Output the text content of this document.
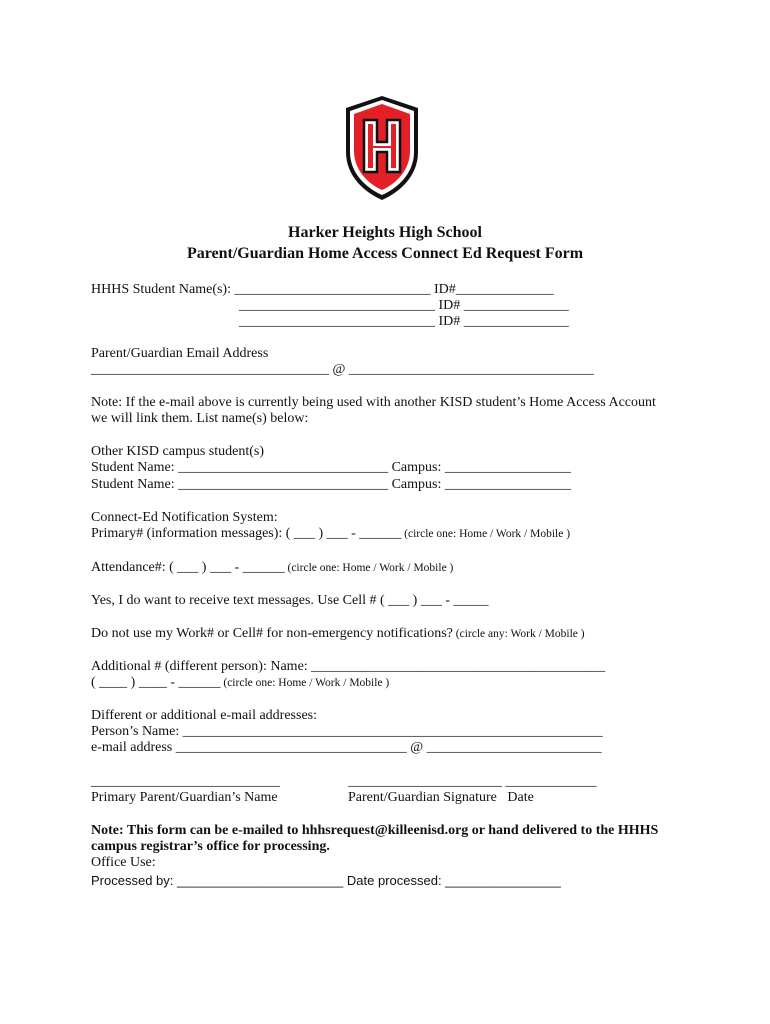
Harker Heights High School
Parent/Guardian Home Access Connect Ed Request Form
HHHS Student Name(s): ____________________________ ID#______________
____________________________ ID# _______________
____________________________ ID# _______________
Parent/Guardian Email Address
__________________________________ @ ___________________________________
Note: If the e-mail above is currently being used with another KISD student’s Home Access Account
we will link them. List name(s) below:
Other KISD campus student(s)
Student Name: ______________________________ Campus: __________________
Student Name: ______________________________ Campus: __________________
Connect-Ed Notification System:
Primary# (information messages): ( ___ ) ___ - ______ (circle one: Home / Work / Mobile )
Attendance#: ( ___ ) ___ - ______ (circle one: Home / Work / Mobile )
Yes, I do want to receive text messages. Use Cell # ( ___ ) ___ - _____
Do not use my Work# or Cell# for non-emergency notifications? (circle any: Work / Mobile )
Additional # (different person): Name: __________________________________________
( ____ ) ____ - ______ (circle one: Home / Work / Mobile )
Different or additional e-mail addresses:
Person’s Name: ____________________________________________________________
e-mail address _________________________________ @ _________________________
___________________________	______________________ _____________
Primary Parent/Guardian’s Name	Parent/Guardian Signature   Date
Note: This form can be e-mailed to hhhsrequest@killeenisd.org or hand delivered to the HHHS
campus registrar’s office for processing.
Office Use:
Processed by: _______________________ Date processed: ________________
